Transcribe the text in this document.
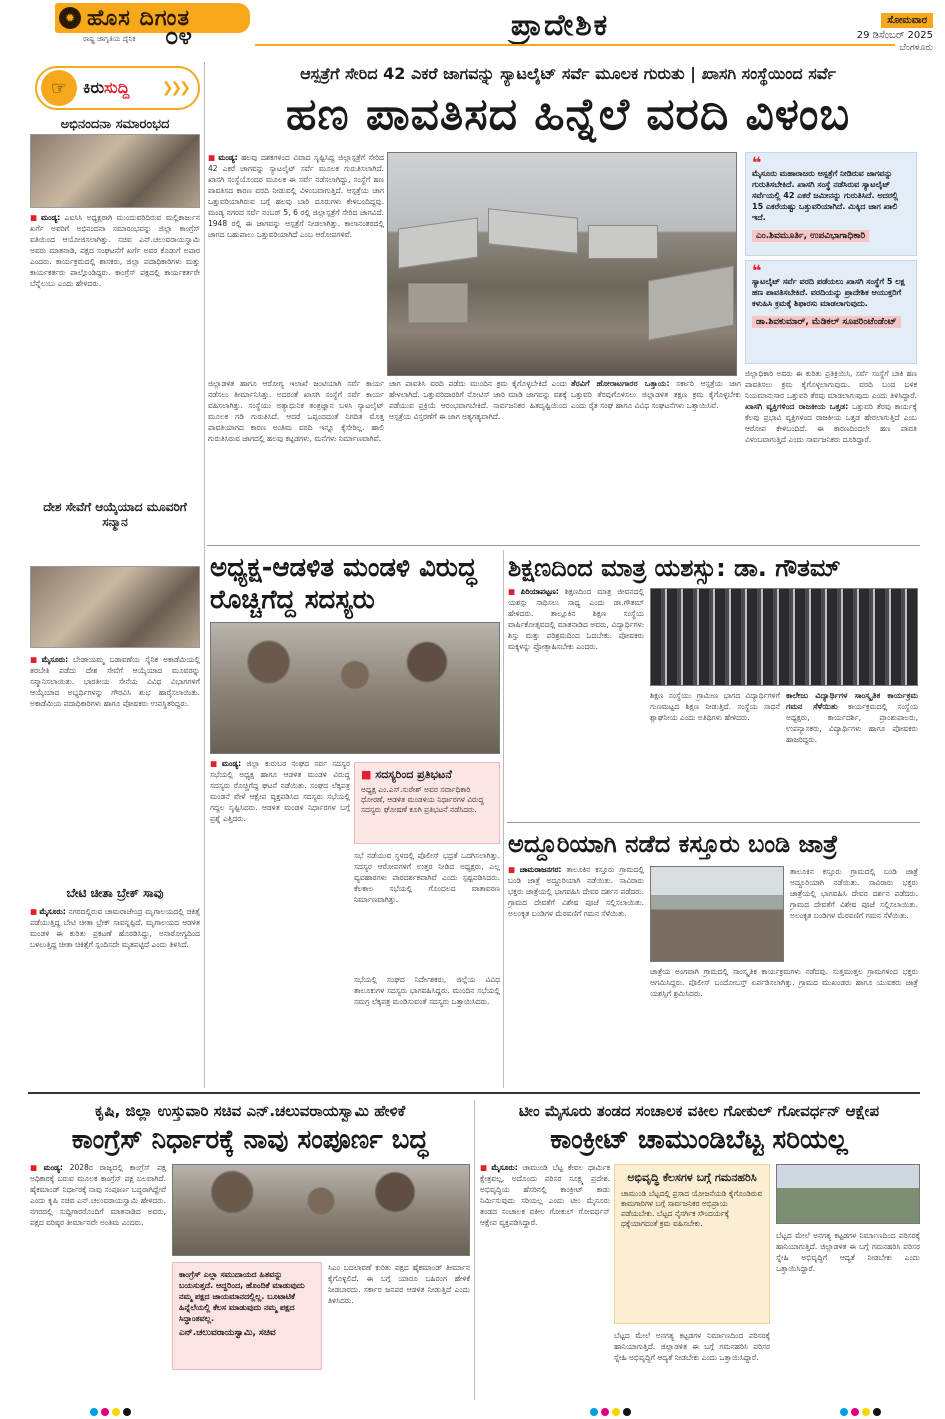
✹ ಹೊಸ ದಿಗಂತ
ರಾಷ್ಟ್ರ ಜಾಗೃತಿಯ ದೈನಿಕ	೦೪	ಪ್ರಾದೇಶಿಕ	ಸೋಮವಾರ
29 ಡಿಸೆಂಬರ್ 2025
ಬೆಂಗಳೂರು
☞ ಕಿರುಸುದ್ದಿ ❯❯❯
ಅಭಿನಂದನಾ ಸಮಾರಂಭದ
■ ಮಂಡ್ಯ: ಎಐಸಿಸಿ ಅಧ್ಯಕ್ಷರಾಗಿ ಮುಂದುವರಿದಿರುವ ಮಲ್ಲಿಕಾರ್ಜುನ ಖರ್ಗೆ ಅವರಿಗೆ ಅಭಿನಂದನಾ ಸಮಾರಂಭವನ್ನು ಜಿಲ್ಲಾ ಕಾಂಗ್ರೆಸ್ ವತಿಯಿಂದ ಆಯೋಜಿಸಲಾಗಿತ್ತು. ಸಚಿವ ಎನ್.ಚಲುವರಾಯಸ್ವಾಮಿ ಅವರು ಮಾತನಾಡಿ, ಪಕ್ಷದ ಸಂಘಟನೆಗೆ ಖರ್ಗೆ ಅವರ ಕೊಡುಗೆ ಅಪಾರ ಎಂದರು. ಕಾರ್ಯಕ್ರಮದಲ್ಲಿ ಶಾಸಕರು, ಜಿಲ್ಲಾ ಪದಾಧಿಕಾರಿಗಳು ಮತ್ತು ಕಾರ್ಯಕರ್ತರು ಪಾಲ್ಗೊಂಡಿದ್ದರು. ಕಾಂಗ್ರೆಸ್ ಪಕ್ಷದಲ್ಲಿ ಕಾರ್ಯಕರ್ತರೇ ಬೆನ್ನೆಲುಬು ಎಂದು ಹೇಳಿದರು.
ದೇಶ ಸೇವೆಗೆ ಆಯ್ಕೆಯಾದ ಮೂವರಿಗೆ ಸನ್ಮಾನ
■ ಮೈಸೂರು: ಬೇಡಾಯಮ್ಮ ಬಡಾವಣೆಯ ಸೈನಿಕ ಅಕಾಡೆಮಿಯಲ್ಲಿ ತರಬೇತಿ ಪಡೆದು ದೇಶ ಸೇವೆಗೆ ಆಯ್ಕೆಯಾದ ಮೂವರನ್ನು ಸನ್ಮಾನಿಸಲಾಯಿತು. ಭಾರತೀಯ ಸೇನೆಯ ವಿವಿಧ ವಿಭಾಗಗಳಿಗೆ ಆಯ್ಕೆಯಾದ ಅಭ್ಯರ್ಥಿಗಳನ್ನು ಗೌರವಿಸಿ ಶುಭ ಹಾರೈಸಲಾಯಿತು. ಅಕಾಡೆಮಿಯ ಪದಾಧಿಕಾರಿಗಳು ಹಾಗೂ ಪೋಷಕರು ಉಪಸ್ಥಿತರಿದ್ದರು.
ಬೇಟಿ ಚೀತಾ ಬ್ರೇಕ್ ಸಾವು
■ ಮೈಸೂರು: ನಗರದಲ್ಲಿರುವ ಚಾಮರಾಜೇಂದ್ರ ಮೃಗಾಲಯದಲ್ಲಿ ಚಿಕಿತ್ಸೆ ಪಡೆಯುತ್ತಿದ್ದ ಬೇಟಿ ಚೀತಾ ಬ್ರೇಕ್ ಸಾವನ್ನಪ್ಪಿದೆ. ಮೃಗಾಲಯದ ಆಡಳಿತ ಮಂಡಳಿ ಈ ಕುರಿತು ಪ್ರಕಟಣೆ ಹೊರಡಿಸಿದ್ದು, ಅನಾರೋಗ್ಯದಿಂದ ಬಳಲುತ್ತಿದ್ದ ಚೀತಾ ಚಿಕಿತ್ಸೆಗೆ ಸ್ಪಂದಿಸದೇ ಮೃತಪಟ್ಟಿದೆ ಎಂದು ತಿಳಿಸಿದೆ.
ಆಸ್ಪತ್ರೆಗೆ ಸೇರಿದ 42 ಎಕರೆ ಜಾಗವನ್ನು ಸ್ಯಾಟಲೈಟ್ ಸರ್ವೆ ಮೂಲಕ ಗುರುತು | ಖಾಸಗಿ ಸಂಸ್ಥೆಯಿಂದ ಸರ್ವೆ
ಹಣ ಪಾವತಿಸದ ಹಿನ್ನೆಲೆ ವರದಿ ವಿಳಂಬ
■ ಮಂಡ್ಯ: ಹಲವು ದಶಕಗಳಿಂದ ವಿವಾದ ಸೃಷ್ಟಿಸಿದ್ದ ಜಿಲ್ಲಾಸ್ಪತ್ರೆಗೆ ಸೇರಿದ 42 ಎಕರೆ ಜಾಗವನ್ನು ಸ್ಯಾಟಲೈಟ್ ಸರ್ವೆ ಮೂಲಕ ಗುರುತಿಸಲಾಗಿದೆ. ಖಾಸಗಿ ಸಂಸ್ಥೆಯೊಂದರ ಮೂಲಕ ಈ ಸರ್ವೆ ನಡೆಸಲಾಗಿದ್ದು, ಸಂಸ್ಥೆಗೆ ಹಣ ಪಾವತಿಸದ ಕಾರಣ ವರದಿ ನೀಡುವಲ್ಲಿ ವಿಳಂಬವಾಗುತ್ತಿದೆ. ಆಸ್ಪತ್ರೆಯ ಜಾಗ ಒತ್ತುವರಿಯಾಗಿರುವ ಬಗ್ಗೆ ಹಲವು ಬಾರಿ ದೂರುಗಳು ಕೇಳಿಬಂದಿದ್ದವು. ಮಂಡ್ಯ ನಗರದ ಸರ್ವೆ ನಂಬರ್ 5, 6 ರಲ್ಲಿ ಜಿಲ್ಲಾಸ್ಪತ್ರೆಗೆ ಸೇರಿದ ಜಾಗವಿದೆ. 1948 ರಲ್ಲಿ ಈ ಜಾಗವನ್ನು ಆಸ್ಪತ್ರೆಗೆ ನೀಡಲಾಗಿತ್ತು. ಕಾಲಾನಂತರದಲ್ಲಿ ಜಾಗದ ಬಹುಪಾಲು ಒತ್ತುವರಿಯಾಗಿದೆ ಎಂಬ ಆರೋಪಗಳಿವೆ.
❝

ಮೈಸೂರು ಮಹಾರಾಜರು ಆಸ್ಪತ್ರೆಗೆ ನೀಡಿರುವ ಜಾಗವನ್ನು ಗುರುತಿಸಬೇಕಿದೆ. ಖಾಸಗಿ ಸಂಸ್ಥೆ ನಡೆಸಿರುವ ಸ್ಯಾಟಲೈಟ್ ಸರ್ವೆಯಲ್ಲಿ 42 ಎಕರೆ ಜಮೀನನ್ನು ಗುರುತಿಸಿದೆ. ಅದರಲ್ಲಿ 15 ಎಕರೆಯಷ್ಟು ಒತ್ತುವರಿಯಾಗಿದೆ. ಮಿಕ್ಕಿದ ಜಾಗ ಖಾಲಿ ಇದೆ.

ಎಂ.ಶಿವಮೂರ್ತಿ, ಉಪವಿಭಾಗಾಧಿಕಾರಿ
❝

ಸ್ಯಾಟಲೈಟ್ ಸರ್ವೆ ವರದಿ ಪಡೆಯಲು ಖಾಸಗಿ ಸಂಸ್ಥೆಗೆ 5 ಲಕ್ಷ ಹಣ ಪಾವತಿಸಬೇಕಿದೆ. ವರದಿಯನ್ನು ಪ್ರಾದೇಶಿಕ ಆಯುಕ್ತರಿಗೆ ಕಳುಹಿಸಿ ಕ್ರಮಕ್ಕೆ ಶಿಫಾರಸು ಮಾಡಲಾಗುವುದು.

ಡಾ.ಶಿವಕುಮಾರ್, ಮೆಡಿಕಲ್ ಸೂಪರಿಂಟೆಂಡೆಂಟ್
ಜಿಲ್ಲಾಡಳಿತ ಹಾಗೂ ಆರೋಗ್ಯ ಇಲಾಖೆ ಜಂಟಿಯಾಗಿ ಸರ್ವೆ ಕಾರ್ಯ ನಡೆಸಲು ತೀರ್ಮಾನಿಸಿತ್ತು. ಅದರಂತೆ ಖಾಸಗಿ ಸಂಸ್ಥೆಗೆ ಸರ್ವೆ ಕಾರ್ಯ ವಹಿಸಲಾಗಿತ್ತು. ಸಂಸ್ಥೆಯು ಅತ್ಯಾಧುನಿಕ ತಂತ್ರಜ್ಞಾನ ಬಳಸಿ ಸ್ಯಾಟಲೈಟ್ ಮೂಲಕ ಗಡಿ ಗುರುತಿಸಿದೆ. ಆದರೆ ಒಪ್ಪಂದದಂತೆ ನಿಗದಿತ ಮೊತ್ತ ಪಾವತಿಯಾಗದ ಕಾರಣ ಅಂತಿಮ ವರದಿ ಇನ್ನೂ ಕೈಸೇರಿಲ್ಲ. ಹಾಲಿ ಗುರುತಿಸಿರುವ ಜಾಗದಲ್ಲಿ ಹಲವು ಕಟ್ಟಡಗಳು, ಮನೆಗಳು ನಿರ್ಮಾಣವಾಗಿವೆ.
ಜಾಗ ಪಾವತಿಸಿ ವರದಿ ಪಡೆದು ಮುಂದಿನ ಕ್ರಮ ಕೈಗೊಳ್ಳಬೇಕಿದೆ ಎಂದು ಹೇಳಲಾಗಿದೆ. ಒತ್ತುವರಿದಾರರಿಗೆ ನೋಟಿಸ್ ಜಾರಿ ಮಾಡಿ ಜಾಗವನ್ನು ವಶಕ್ಕೆ ಪಡೆಯುವ ಪ್ರಕ್ರಿಯೆ ಆರಂಭವಾಗಬೇಕಿದೆ. ಸಾರ್ವಜನಿಕರ ಹಿತದೃಷ್ಟಿಯಿಂದ ಆಸ್ಪತ್ರೆಯ ವಿಸ್ತರಣೆಗೆ ಈ ಜಾಗ ಅತ್ಯಗತ್ಯವಾಗಿದೆ.
ತೆರವಿಗೆ ಹೋರಾಟಗಾರರ ಒತ್ತಾಯ: ಸರ್ಕಾರಿ ಆಸ್ಪತ್ರೆಯ ಜಾಗ ಒತ್ತುವರಿ ತೆರವುಗೊಳಿಸಲು ಜಿಲ್ಲಾಡಳಿತ ತಕ್ಷಣ ಕ್ರಮ ಕೈಗೊಳ್ಳಬೇಕು ಎಂದು ರೈತ ಸಂಘ ಹಾಗೂ ವಿವಿಧ ಸಂಘಟನೆಗಳು ಒತ್ತಾಯಿಸಿವೆ.
ಜಿಲ್ಲಾಧಿಕಾರಿ ಅವರು ಈ ಕುರಿತು ಪ್ರತಿಕ್ರಿಯಿಸಿ, ಸರ್ವೆ ಸಂಸ್ಥೆಗೆ ಬಾಕಿ ಹಣ ಪಾವತಿಸಲು ಕ್ರಮ ಕೈಗೊಳ್ಳಲಾಗುವುದು. ವರದಿ ಬಂದ ಬಳಿಕ ನಿಯಮಾನುಸಾರ ಒತ್ತುವರಿ ತೆರವು ಮಾಡಲಾಗುವುದು ಎಂದು ತಿಳಿಸಿದ್ದಾರೆ. ಖಾಸಗಿ ವ್ಯಕ್ತಿಗಳಿಂದ ರಾಜಕೀಯ ಒತ್ತಡ: ಒತ್ತುವರಿ ತೆರವು ಕಾರ್ಯಕ್ಕೆ ಕೆಲವು ಪ್ರಭಾವಿ ವ್ಯಕ್ತಿಗಳಿಂದ ರಾಜಕೀಯ ಒತ್ತಡ ಹೇರಲಾಗುತ್ತಿದೆ ಎಂಬ ಆರೋಪ ಕೇಳಿಬಂದಿದೆ. ಈ ಕಾರಣದಿಂದಲೇ ಹಣ ಪಾವತಿ ವಿಳಂಬವಾಗುತ್ತಿದೆ ಎಂದು ಸಾರ್ವಜನಿಕರು ದೂರಿದ್ದಾರೆ.
ಅಧ್ಯಕ್ಷ-ಆಡಳಿತ ಮಂಡಳಿ ವಿರುದ್ಧ ರೊಚ್ಚಿಗೆದ್ದ ಸದಸ್ಯರು
■ ಮಂಡ್ಯ: ಜಿಲ್ಲಾ ಕುರುಬರ ಸಂಘದ ಸರ್ವ ಸದಸ್ಯರ ಸಭೆಯಲ್ಲಿ ಅಧ್ಯಕ್ಷ ಹಾಗೂ ಆಡಳಿತ ಮಂಡಳಿ ವಿರುದ್ಧ ಸದಸ್ಯರು ರೊಚ್ಚಿಗೆದ್ದ ಘಟನೆ ನಡೆಯಿತು. ಸಂಘದ ಲೆಕ್ಕಪತ್ರ ಮಂಡನೆ ವೇಳೆ ಆಕ್ಷೇಪ ವ್ಯಕ್ತಪಡಿಸಿದ ಸದಸ್ಯರು ಸಭೆಯಲ್ಲಿ ಗದ್ದಲ ಸೃಷ್ಟಿಸಿದರು. ಆಡಳಿತ ಮಂಡಳಿ ನಿರ್ಧಾರಗಳ ಬಗ್ಗೆ ಪ್ರಶ್ನೆ ಎತ್ತಿದರು.
■ ಸದಸ್ಯರಿಂದ ಪ್ರತಿಭಟನೆ

ಅಧ್ಯಕ್ಷ ಎಂ.ಎಸ್.ಸುರೇಶ್ ಅವರ ಸರ್ವಾಧಿಕಾರಿ ಧೋರಣೆ, ಆಡಳಿತ ಮಂಡಳಿಯ ನಿರ್ಧಾರಗಳ ವಿರುದ್ಧ ಸದಸ್ಯರು ಘೋಷಣೆ ಕೂಗಿ ಪ್ರತಿಭಟನೆ ನಡೆಸಿದರು.

ಸಭೆ ನಡೆಯುವ ಸ್ಥಳದಲ್ಲಿ ಪೊಲೀಸ್ ಭದ್ರತೆ ಒದಗಿಸಲಾಗಿತ್ತು. ಸದಸ್ಯರ ಆರೋಪಗಳಿಗೆ ಉತ್ತರ ನೀಡಿದ ಅಧ್ಯಕ್ಷರು, ಎಲ್ಲ ವ್ಯವಹಾರಗಳು ಪಾರದರ್ಶಕವಾಗಿವೆ ಎಂದು ಸ್ಪಷ್ಟಪಡಿಸಿದರು. ಕೆಲಕಾಲ ಸಭೆಯಲ್ಲಿ ಗೊಂದಲದ ವಾತಾವರಣ ನಿರ್ಮಾಣವಾಗಿತ್ತು.
ಸಭೆಯಲ್ಲಿ ಸಂಘದ ನಿರ್ದೇಶಕರು, ಜಿಲ್ಲೆಯ ವಿವಿಧ ತಾಲೂಕುಗಳ ಸದಸ್ಯರು ಭಾಗವಹಿಸಿದ್ದರು. ಮುಂದಿನ ಸಭೆಯಲ್ಲಿ ಸಮಗ್ರ ಲೆಕ್ಕಪತ್ರ ಮಂಡಿಸುವಂತೆ ಸದಸ್ಯರು ಒತ್ತಾಯಿಸಿದರು.
ಶಿಕ್ಷಣದಿಂದ ಮಾತ್ರ ಯಶಸ್ಸು: ಡಾ. ಗೌತಮ್
■ ಪಿರಿಯಾಪಟ್ಟಣ: ಶಿಕ್ಷಣದಿಂದ ಮಾತ್ರ ಜೀವನದಲ್ಲಿ ಯಶಸ್ಸು ಸಾಧಿಸಲು ಸಾಧ್ಯ ಎಂದು ಡಾ.ಗೌತಮ್ ಹೇಳಿದರು. ತಾಲ್ಲೂಕಿನ ಶಿಕ್ಷಣ ಸಂಸ್ಥೆಯ ವಾರ್ಷಿಕೋತ್ಸವದಲ್ಲಿ ಮಾತನಾಡಿದ ಅವರು, ವಿದ್ಯಾರ್ಥಿಗಳು ಶಿಸ್ತು ಮತ್ತು ಪರಿಶ್ರಮದಿಂದ ಓದಬೇಕು. ಪೋಷಕರು ಮಕ್ಕಳನ್ನು ಪ್ರೋತ್ಸಾಹಿಸಬೇಕು ಎಂದರು.
ಶಿಕ್ಷಣ ಸಂಸ್ಥೆಯು ಗ್ರಾಮೀಣ ಭಾಗದ ವಿದ್ಯಾರ್ಥಿಗಳಿಗೆ ಗುಣಮಟ್ಟದ ಶಿಕ್ಷಣ ನೀಡುತ್ತಿದೆ. ಸಂಸ್ಥೆಯ ಸಾಧನೆ ಶ್ಲಾಘನೀಯ ಎಂದು ಅತಿಥಿಗಳು ಹೇಳಿದರು.
ಕಾಲೇಜು ವಿದ್ಯಾರ್ಥಿಗಳ ಸಾಂಸ್ಕೃತಿಕ ಕಾರ್ಯಕ್ರಮ ಗಮನ ಸೆಳೆಯಿತು ಕಾರ್ಯಕ್ರಮದಲ್ಲಿ ಸಂಸ್ಥೆಯ ಅಧ್ಯಕ್ಷರು, ಕಾರ್ಯದರ್ಶಿ, ಪ್ರಾಂಶುಪಾಲರು, ಉಪನ್ಯಾಸಕರು, ವಿದ್ಯಾರ್ಥಿಗಳು ಹಾಗೂ ಪೋಷಕರು ಹಾಜರಿದ್ದರು.
ಅದ್ದೂರಿಯಾಗಿ ನಡೆದ ಕಸ್ತೂರು ಬಂಡಿ ಜಾತ್ರೆ
■ ಚಾಮರಾಜನಗರ: ತಾಲೂಕಿನ ಕಸ್ತೂರು ಗ್ರಾಮದಲ್ಲಿ ಬಂಡಿ ಜಾತ್ರೆ ಅದ್ದೂರಿಯಾಗಿ ನಡೆಯಿತು. ಸಾವಿರಾರು ಭಕ್ತರು ಜಾತ್ರೆಯಲ್ಲಿ ಭಾಗವಹಿಸಿ ದೇವರ ದರ್ಶನ ಪಡೆದರು. ಗ್ರಾಮದ ದೇವತೆಗೆ ವಿಶೇಷ ಪೂಜೆ ಸಲ್ಲಿಸಲಾಯಿತು. ಅಲಂಕೃತ ಬಂಡಿಗಳ ಮೆರವಣಿಗೆ ಗಮನ ಸೆಳೆಯಿತು.
ಜಾತ್ರೆಯ ಅಂಗವಾಗಿ ಗ್ರಾಮದಲ್ಲಿ ಸಾಂಸ್ಕೃತಿಕ ಕಾರ್ಯಕ್ರಮಗಳು ನಡೆದವು. ಸುತ್ತಮುತ್ತಲ ಗ್ರಾಮಗಳಿಂದ ಭಕ್ತರು ಆಗಮಿಸಿದ್ದರು. ಪೊಲೀಸ್ ಬಂದೋಬಸ್ತ್ ಏರ್ಪಡಿಸಲಾಗಿತ್ತು. ಗ್ರಾಮದ ಮುಖಂಡರು ಹಾಗೂ ಯುವಕರು ಜಾತ್ರೆ ಯಶಸ್ಸಿಗೆ ಶ್ರಮಿಸಿದರು.
ತಾಲೂಕಿನ ಕಸ್ತೂರು ಗ್ರಾಮದಲ್ಲಿ ಬಂಡಿ ಜಾತ್ರೆ ಅದ್ದೂರಿಯಾಗಿ ನಡೆಯಿತು. ಸಾವಿರಾರು ಭಕ್ತರು ಜಾತ್ರೆಯಲ್ಲಿ ಭಾಗವಹಿಸಿ ದೇವರ ದರ್ಶನ ಪಡೆದರು. ಗ್ರಾಮದ ದೇವತೆಗೆ ವಿಶೇಷ ಪೂಜೆ ಸಲ್ಲಿಸಲಾಯಿತು. ಅಲಂಕೃತ ಬಂಡಿಗಳ ಮೆರವಣಿಗೆ ಗಮನ ಸೆಳೆಯಿತು.
ಕೃಷಿ, ಜಿಲ್ಲಾ ಉಸ್ತುವಾರಿ ಸಚಿವ ಎನ್.ಚಲುವರಾಯಸ್ವಾಮಿ ಹೇಳಿಕೆ
ಕಾಂಗ್ರೆಸ್ ನಿರ್ಧಾರಕ್ಕೆ ನಾವು ಸಂಪೂರ್ಣ ಬದ್ಧ
■ ಮಂಡ್ಯ: 2028ರ ರಾಜ್ಯದಲ್ಲಿ ಕಾಂಗ್ರೆಸ್ ಪಕ್ಷ ಅಧಿಕಾರಕ್ಕೆ ಬರುವ ಮೂಲಕ ಕಾಂಗ್ರೆಸ್ ಪಕ್ಷ ಬಲವಾಗಿದೆ. ಹೈಕಮಾಂಡ್ ನಿರ್ಧಾರಕ್ಕೆ ನಾವು ಸಂಪೂರ್ಣ ಬದ್ಧರಾಗಿದ್ದೇವೆ ಎಂದು ಕೃಷಿ ಸಚಿವ ಎನ್.ಚಲುವರಾಯಸ್ವಾಮಿ ಹೇಳಿದರು. ನಗರದಲ್ಲಿ ಸುದ್ದಿಗಾರರೊಂದಿಗೆ ಮಾತನಾಡಿದ ಅವರು, ಪಕ್ಷದ ವರಿಷ್ಠರ ತೀರ್ಮಾನವೇ ಅಂತಿಮ ಎಂದರು.

ಕಾಂಗ್ರೆಸ್ ಎಲ್ಲಾ ಸಮುದಾಯದ ಹಿತವನ್ನು ಬಯಸುತ್ತದೆ. ಆದ್ದರಿಂದ, ಹೊಂದಿಕೆ ಮಾಡುವುದು ನಮ್ಮ ಪಕ್ಷದ ಜಾಯಮಾನದಲ್ಲಿಲ್ಲ. ಬೂಟಾಟಿಕೆ ಹಿನ್ನೆಲೆಯಲ್ಲಿ ಕೆಲಸ ಮಾಡುವುದು ನಮ್ಮ ಪಕ್ಷದ ಸಿದ್ಧಾಂತವಲ್ಲ.

ಎನ್.ಚಲುವರಾಯಸ್ವಾಮಿ, ಸಚಿವ
ಸಿಎಂ ಬದಲಾವಣೆ ಕುರಿತು ಪಕ್ಷದ ಹೈಕಮಾಂಡ್ ತೀರ್ಮಾನ ಕೈಗೊಳ್ಳಲಿದೆ. ಈ ಬಗ್ಗೆ ಯಾರೂ ಬಹಿರಂಗ ಹೇಳಿಕೆ ನೀಡಬಾರದು. ಸರ್ಕಾರ ಜನಪರ ಆಡಳಿತ ನೀಡುತ್ತಿದೆ ಎಂದು ತಿಳಿಸಿದರು.
ಟೀಂ ಮೈಸೂರು ತಂಡದ ಸಂಚಾಲಕ ವಕೀಲ ಗೋಕುಲ್ ಗೋವರ್ಧನ್ ಆಕ್ಷೇಪ
ಕಾಂಕ್ರೀಟ್ ಚಾಮುಂಡಿಬೆಟ್ಟ ಸರಿಯಲ್ಲ
■ ಮೈಸೂರು: ಚಾಮುಂಡಿ ಬೆಟ್ಟ ಕೇವಲ ಧಾರ್ಮಿಕ ಕ್ಷೇತ್ರವಲ್ಲ, ಅದೊಂದು ಪರಿಸರ ಸೂಕ್ಷ್ಮ ಪ್ರದೇಶ. ಅಭಿವೃದ್ಧಿಯ ಹೆಸರಿನಲ್ಲಿ ಕಾಂಕ್ರೀಟ್ ಕಾಡು ನಿರ್ಮಿಸುವುದು ಸರಿಯಲ್ಲ ಎಂದು ಟೀಂ ಮೈಸೂರು ತಂಡದ ಸಂಚಾಲಕ ವಕೀಲ ಗೋಕುಲ್ ಗೋವರ್ಧನ್ ಆಕ್ಷೇಪ ವ್ಯಕ್ತಪಡಿಸಿದ್ದಾರೆ.
ಅಭಿವೃದ್ಧಿ ಕೆಲಸಗಳ ಬಗ್ಗೆ ಗಮನಹರಿಸಿ

ಚಾಮುಂಡಿ ಬೆಟ್ಟದಲ್ಲಿ ಪ್ರಸಾದ ಯೋಜನೆಯಡಿ ಕೈಗೊಂಡಿರುವ ಕಾಮಗಾರಿಗಳ ಬಗ್ಗೆ ಸಾರ್ವಜನಿಕರ ಅಭಿಪ್ರಾಯ ಪಡೆಯಬೇಕು. ಬೆಟ್ಟದ ನೈಸರ್ಗಿಕ ಸೌಂದರ್ಯಕ್ಕೆ ಧಕ್ಕೆಯಾಗದಂತೆ ಕ್ರಮ ವಹಿಸಬೇಕು.

ಬೆಟ್ಟದ ಮೇಲೆ ಅನಗತ್ಯ ಕಟ್ಟಡಗಳ ನಿರ್ಮಾಣದಿಂದ ಪರಿಸರಕ್ಕೆ ಹಾನಿಯಾಗುತ್ತಿದೆ. ಜಿಲ್ಲಾಡಳಿತ ಈ ಬಗ್ಗೆ ಗಮನಹರಿಸಿ ಪರಿಸರ ಸ್ನೇಹಿ ಅಭಿವೃದ್ಧಿಗೆ ಆದ್ಯತೆ ನೀಡಬೇಕು ಎಂದು ಒತ್ತಾಯಿಸಿದ್ದಾರೆ.
ಬೆಟ್ಟದ ಮೇಲೆ ಅನಗತ್ಯ ಕಟ್ಟಡಗಳ ನಿರ್ಮಾಣದಿಂದ ಪರಿಸರಕ್ಕೆ ಹಾನಿಯಾಗುತ್ತಿದೆ. ಜಿಲ್ಲಾಡಳಿತ ಈ ಬಗ್ಗೆ ಗಮನಹರಿಸಿ ಪರಿಸರ ಸ್ನೇಹಿ ಅಭಿವೃದ್ಧಿಗೆ ಆದ್ಯತೆ ನೀಡಬೇಕು ಎಂದು ಒತ್ತಾಯಿಸಿದ್ದಾರೆ.
